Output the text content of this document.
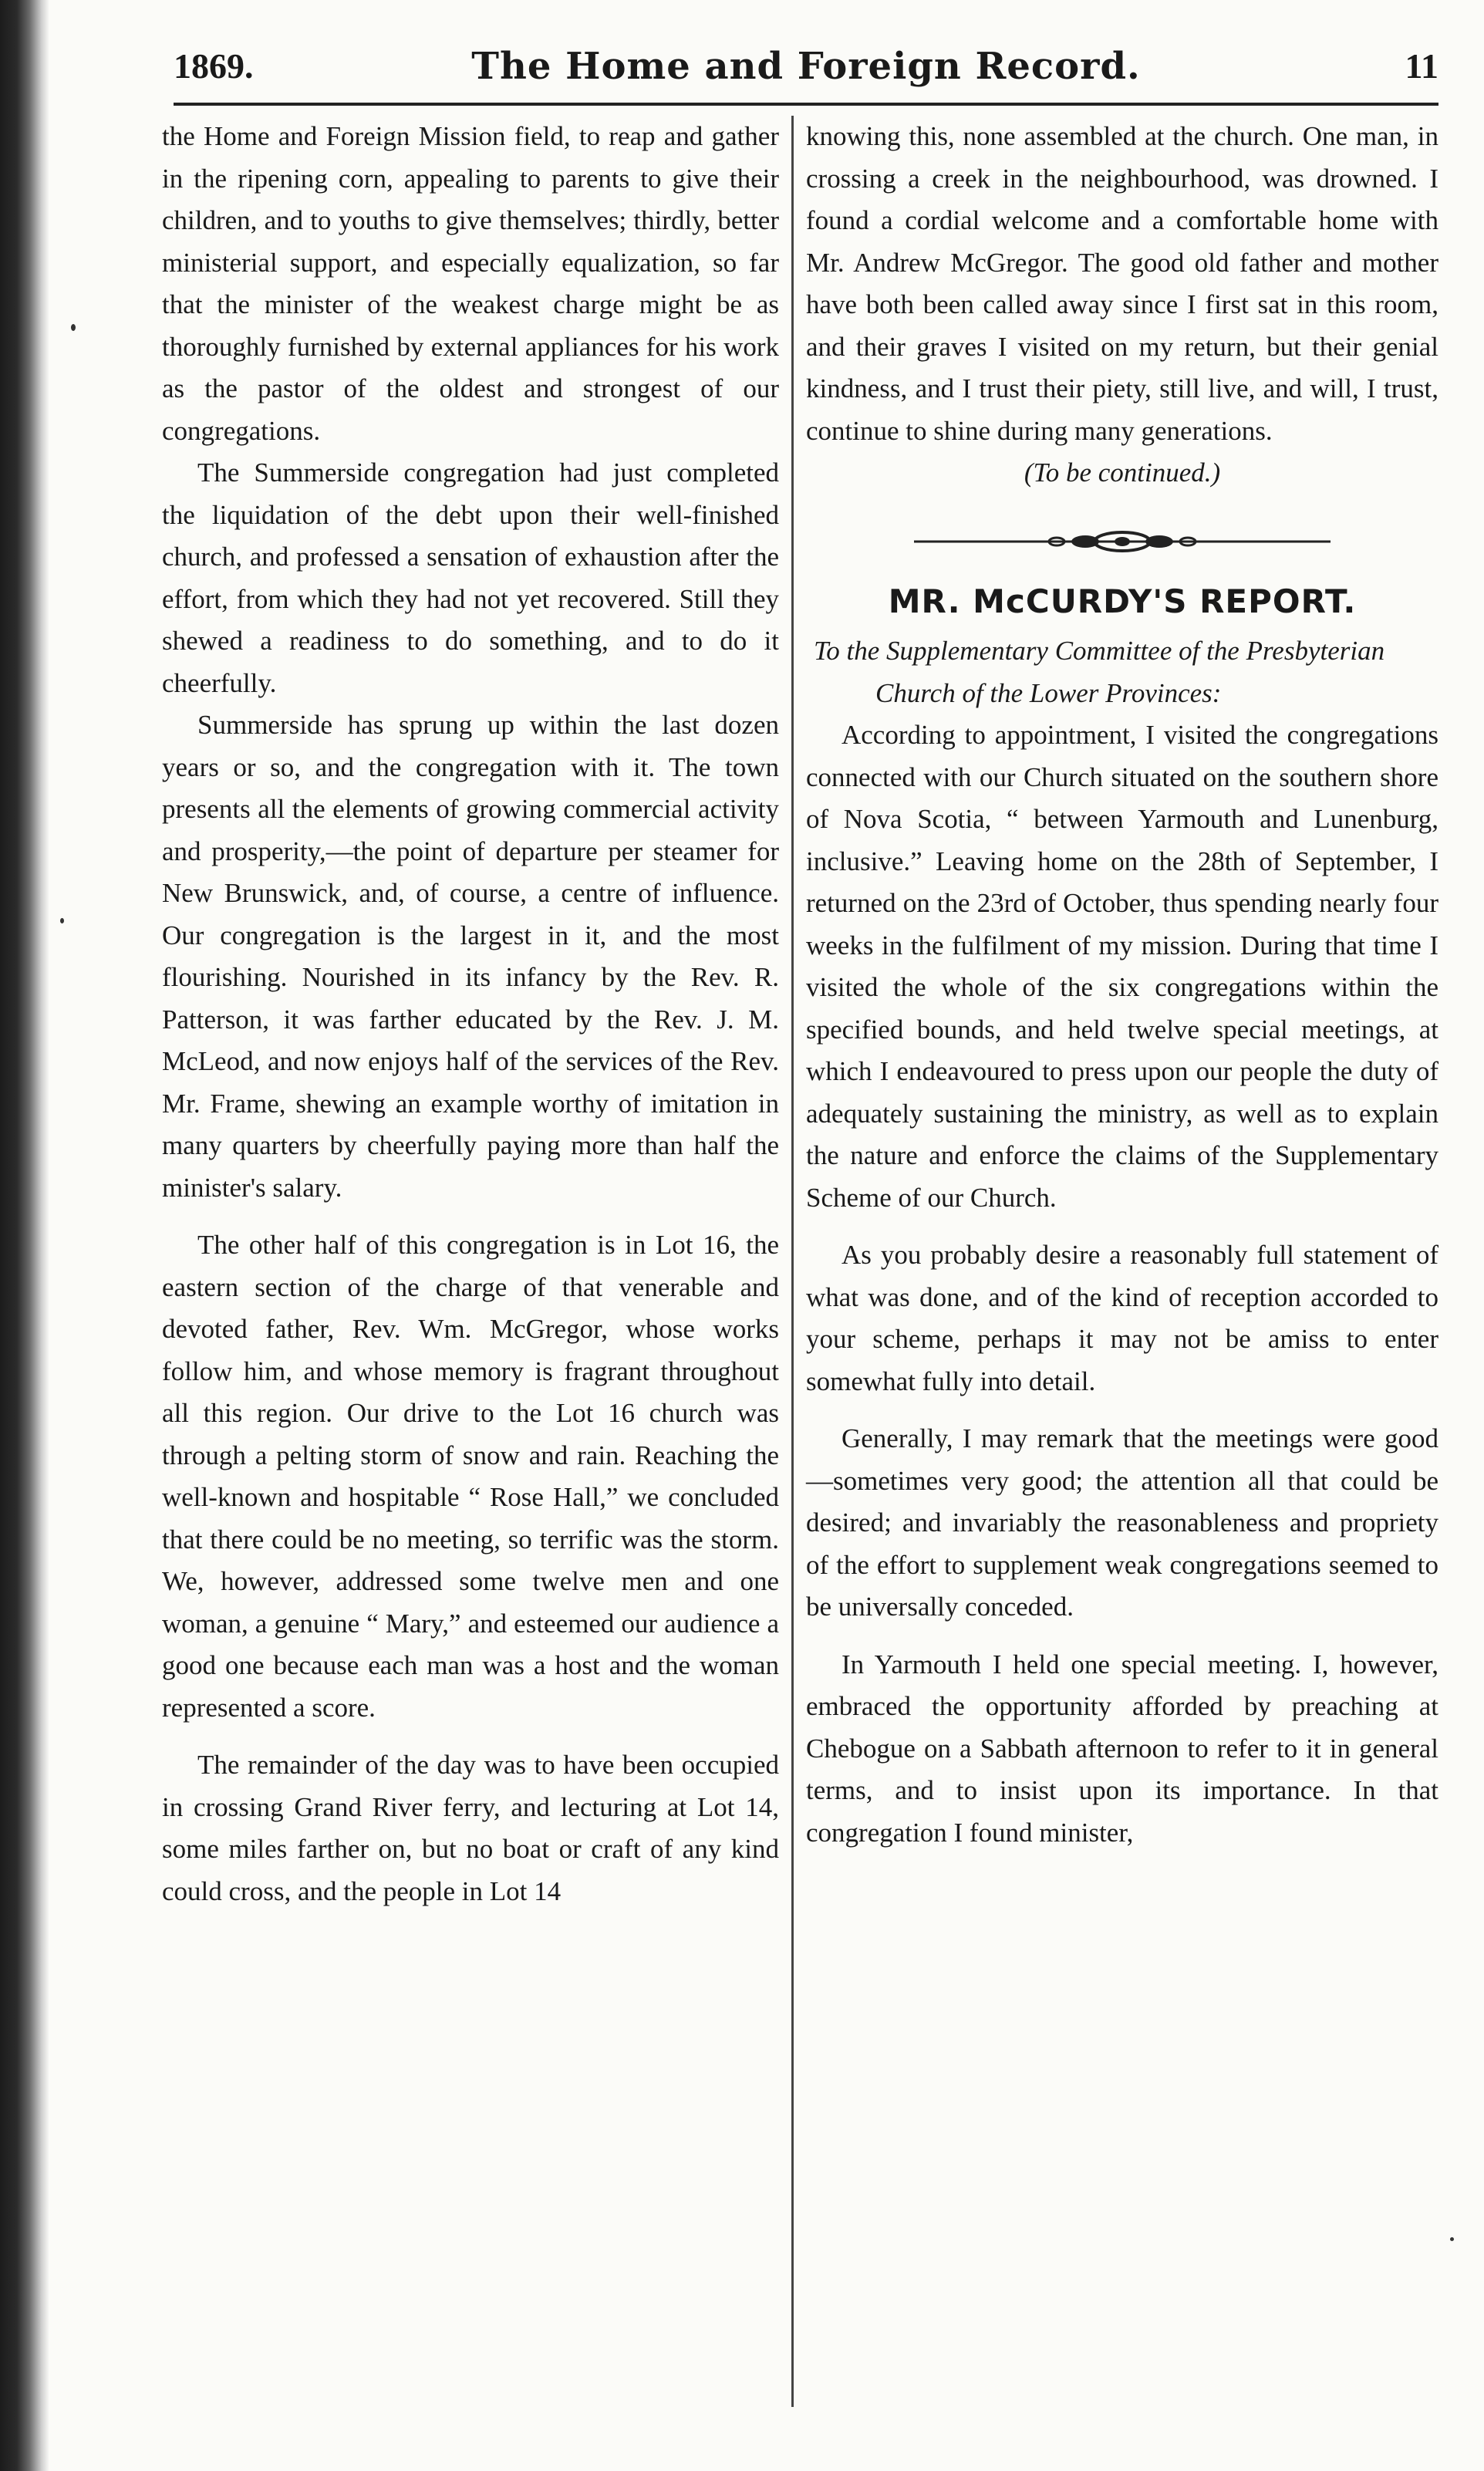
1869.	The Home and Foreign Record.	11

the Home and Foreign Mission field, to reap and gather in the ripening corn, appealing to parents to give their children, and to youths to give themselves; thirdly, better ministerial support, and especially equalization, so far that the minister of the weakest charge might be as thoroughly furnished by external appliances for his work as the pastor of the oldest and strongest of our congregations.

The Summerside congregation had just completed the liquidation of the debt upon their well-finished church, and professed a sensation of exhaustion after the effort, from which they had not yet recovered. Still they shewed a readiness to do something, and to do it cheerfully.

Summerside has sprung up within the last dozen years or so, and the congregation with it. The town presents all the elements of growing commercial activity and prosperity,—the point of departure per steamer for New Brunswick, and, of course, a centre of influence. Our congregation is the largest in it, and the most flourishing. Nourished in its infancy by the Rev. R. Patterson, it was farther educated by the Rev. J. M. McLeod, and now enjoys half of the services of the Rev. Mr. Frame, shewing an example worthy of imitation in many quarters by cheerfully paying more than half the minister's salary.

The other half of this congregation is in Lot 16, the eastern section of the charge of that venerable and devoted father, Rev. Wm. McGregor, whose works follow him, and whose memory is fragrant throughout all this region. Our drive to the Lot 16 church was through a pelting storm of snow and rain. Reaching the well-known and hospitable “ Rose Hall,” we concluded that there could be no meeting, so terrific was the storm. We, however, addressed some twelve men and one woman, a genuine “ Mary,” and esteemed our audience a good one because each man was a host and the woman represented a score.

The remainder of the day was to have been occupied in crossing Grand River ferry, and lecturing at Lot 14, some miles farther on, but no boat or craft of any kind could cross, and the people in Lot 14

knowing this, none assembled at the church. One man, in crossing a creek in the neighbourhood, was drowned. I found a cordial welcome and a comfortable home with Mr. Andrew McGregor. The good old father and mother have both been called away since I first sat in this room, and their graves I visited on my return, but their genial kindness, and I trust their piety, still live, and will, I trust, continue to shine during many generations.

(To be continued.)

MR. McCURDY'S REPORT.

To the Supplementary Committee of the Presbyterian Church of the Lower Provinces:

According to appointment, I visited the congregations connected with our Church situated on the southern shore of Nova Scotia, “ between Yarmouth and Lunenburg, inclusive.” Leaving home on the 28th of September, I returned on the 23rd of October, thus spending nearly four weeks in the fulfilment of my mission. During that time I visited the whole of the six congregations within the specified bounds, and held twelve special meetings, at which I endeavoured to press upon our people the duty of adequately sustaining the ministry, as well as to explain the nature and enforce the claims of the Supplementary Scheme of our Church.

As you probably desire a reasonably full statement of what was done, and of the kind of reception accorded to your scheme, perhaps it may not be amiss to enter somewhat fully into detail.

Generally, I may remark that the meetings were good—sometimes very good; the attention all that could be desired; and invariably the reasonableness and propriety of the effort to supplement weak congregations seemed to be universally conceded.

In Yarmouth I held one special meeting. I, however, embraced the opportunity afforded by preaching at Chebogue on a Sabbath afternoon to refer to it in general terms, and to insist upon its importance. In that congregation I found minister,
